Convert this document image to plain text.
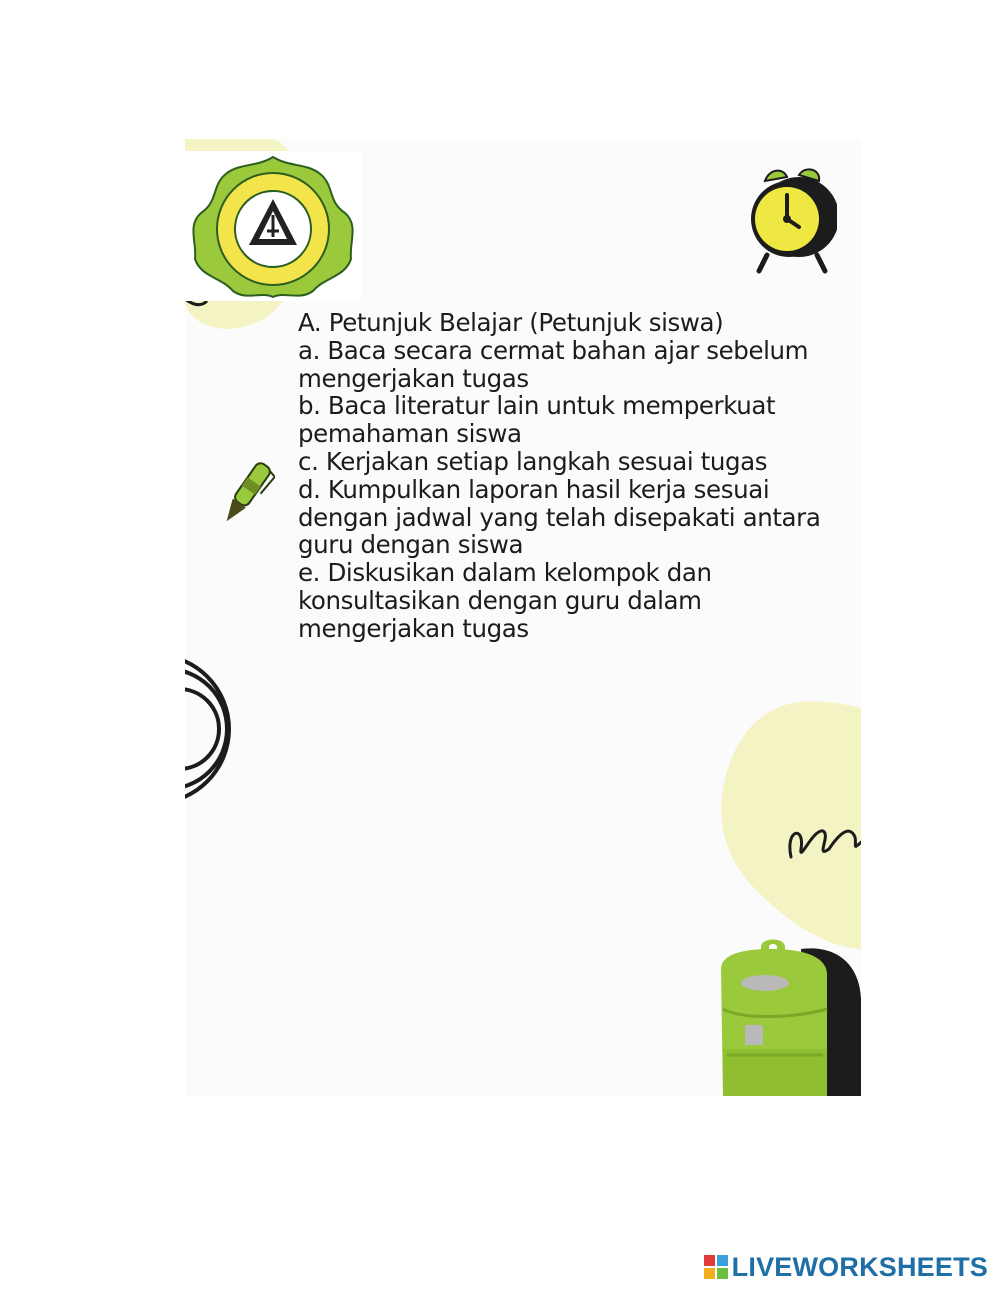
A. Petunjuk Belajar (Petunjuk siswa)

a. Baca secara cermat bahan ajar sebelum mengerjakan tugas

b. Baca literatur lain untuk memperkuat pemahaman siswa

c. Kerjakan setiap langkah sesuai tugas

d. Kumpulkan laporan hasil kerja sesuai dengan jadwal yang telah disepakati antara guru dengan siswa

e. Diskusikan dalam kelompok dan konsultasikan dengan guru dalam mengerjakan tugas

LIVEWORKSHEETS
